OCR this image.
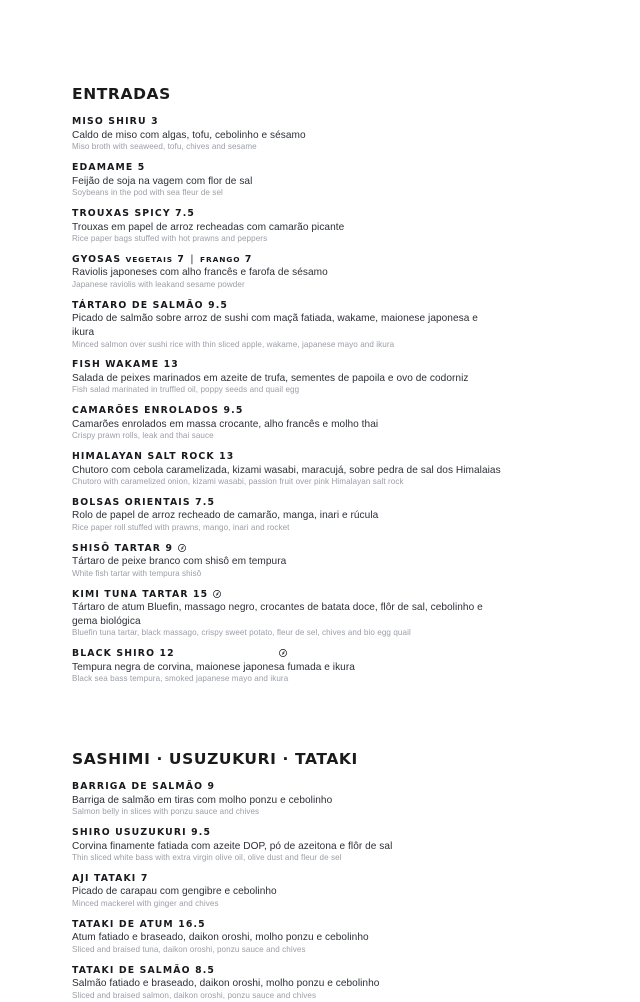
ENTRADAS
MISO SHIRU 3

Caldo de miso com algas, tofu, cebolinho e sésamo

Miso broth with seaweed, tofu, chives and sesame

EDAMAME 5

Feijão de soja na vagem com flor de sal

Soybeans in the pod with sea fleur de sel

TROUXAS SPICY 7.5

Trouxas em papel de arroz recheadas com camarão picante

Rice paper bags stuffed with hot prawns and peppers

GYOSAS VEGETAIS 7 | FRANGO 7

Raviolis japoneses com alho francês e farofa de sésamo

Japanese raviolis with leakand sesame powder

TÁRTARO DE SALMÃO 9.5

Picado de salmão sobre arroz de sushi com maçã fatiada, wakame, maionese japonesa e ikura

Minced salmon over sushi rice with thin sliced apple, wakame, japanese mayo and ikura

FISH WAKAME 13

Salada de peixes marinados em azeite de trufa, sementes de papoila e ovo de codorniz

Fish salad marinated in truffled oil, poppy seeds and quail egg

CAMARÕES ENROLADOS 9.5

Camarões enrolados em massa crocante, alho francês e molho thai

Crispy prawn rolls, leak and thai sauce

HIMALAYAN SALT ROCK 13

Chutoro com cebola caramelizada, kizami wasabi, maracujá, sobre pedra de sal dos Himalaias

Chutoro with caramelized onion, kizami wasabi, passion fruit over pink Himalayan salt rock

BOLSAS ORIENTAIS 7.5

Rolo de papel de arroz recheado de camarão, manga, inari e rúcula

Rice paper roll stuffed with prawns, mango, inari and rocket

SHISÔ TARTAR 9

Tártaro de peixe branco com shisô em tempura

White fish tartar with tempura shisô

KIMI TUNA TARTAR 15

Tártaro de atum Bluefin, massago negro, crocantes de batata doce, flôr de sal, cebolinho e gema biológica

Bluefin tuna tartar, black massago, crispy sweet potato, fleur de sel, chives and bio egg quail

BLACK SHIRO 12

Tempura negra de corvina, maionese japonesa fumada e ikura

Black sea bass tempura, smoked japanese mayo and ikura

SASHIMI · USUZUKURI · TATAKI
BARRIGA DE SALMÃO 9

Barriga de salmão em tiras com molho ponzu e cebolinho

Salmon belly in slices with ponzu sauce and chives

SHIRO USUZUKURI 9.5

Corvina finamente fatiada com azeite DOP, pó de azeitona e flôr de sal

Thin sliced white bass with extra virgin olive oil, olive dust and fleur de sel

AJI TATAKI 7

Picado de carapau com gengibre e cebolinho

Minced mackerel with ginger and chives

TATAKI DE ATUM 16.5

Atum fatiado e braseado, daikon oroshi, molho ponzu e cebolinho

Sliced and braised tuna, daikon oroshi, ponzu sauce and chives

TATAKI DE SALMÃO 8.5

Salmão fatiado e braseado, daikon oroshi, molho ponzu e cebolinho

Sliced and braised salmon, daikon oroshi, ponzu sauce and chives
